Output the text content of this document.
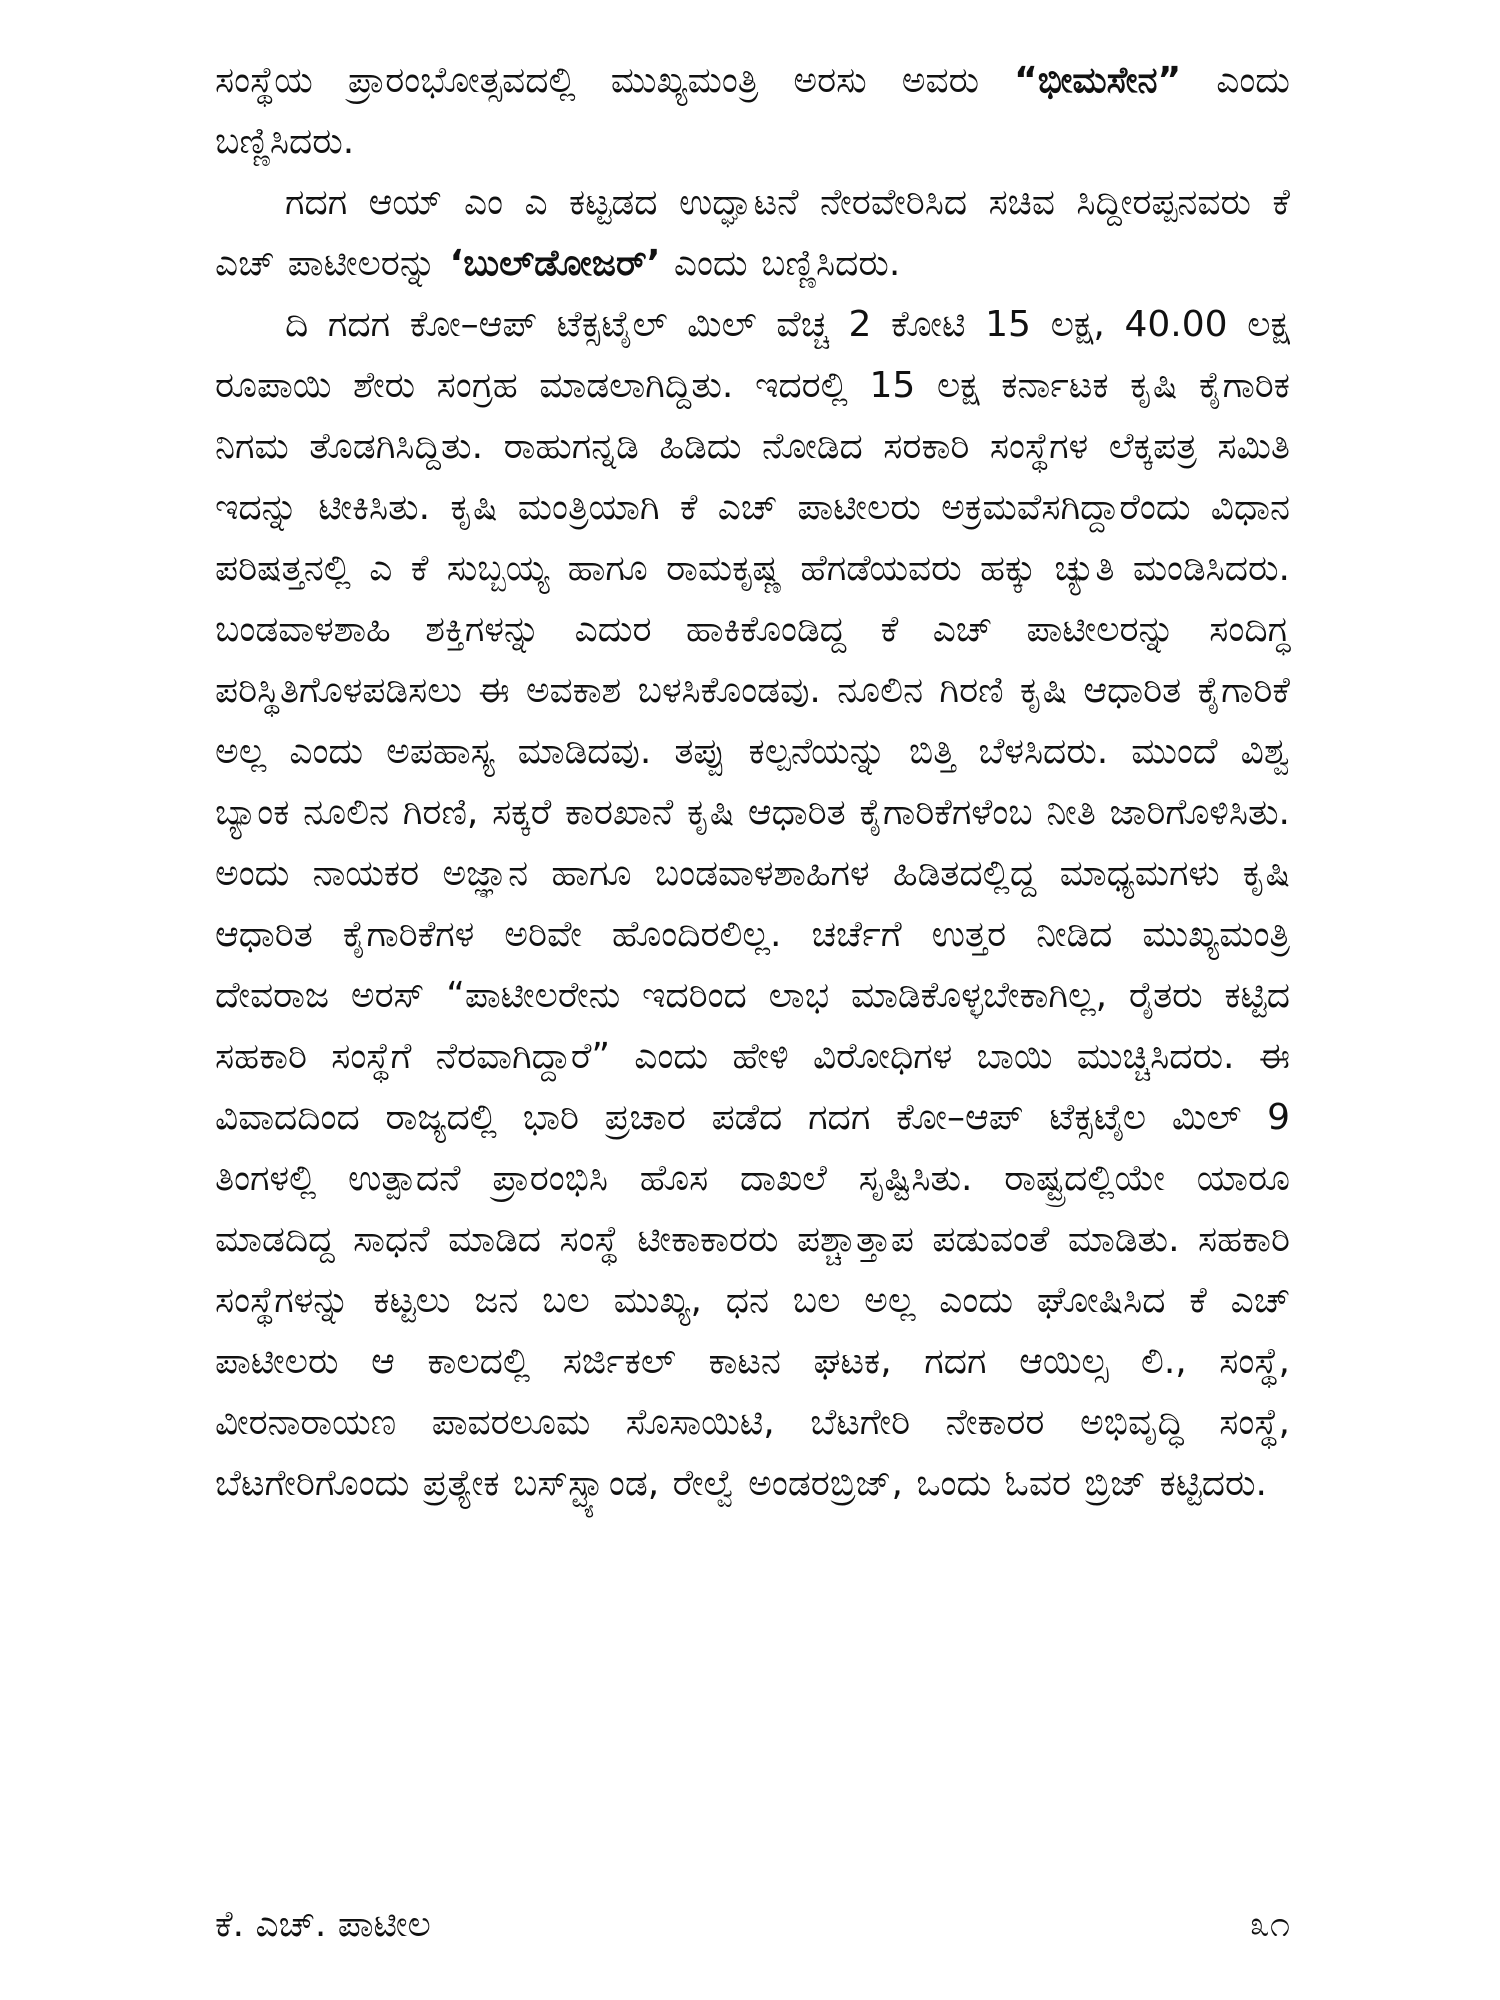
ಸಂಸ್ಥೆಯ ಪ್ರಾರಂಭೋತ್ಸವದಲ್ಲಿ ಮುಖ್ಯಮಂತ್ರಿ ಅರಸು ಅವರು “ಭೀಮಸೇನ” ಎಂದು ಬಣ್ಣಿಸಿದರು.

ಗದಗ ಆಯ್ ಎಂ ಎ ಕಟ್ಟಡದ ಉದ್ಘಾಟನೆ ನೇರವೇರಿಸಿದ ಸಚಿವ ಸಿದ್ದೀರಪ್ಪನವರು ಕೆ ಎಚ್ ಪಾಟೀಲರನ್ನು ‘ಬುಲ್‌ಡೋಜರ್’ ಎಂದು ಬಣ್ಣಿಸಿದರು.

ದಿ ಗದಗ ಕೋ–ಆಪ್ ಟೆಕ್ಸಟೈಲ್ ಮಿಲ್ ವೆಚ್ಚ 2 ಕೋಟಿ 15 ಲಕ್ಷ, 40.00 ಲಕ್ಷ ರೂಪಾಯಿ ಶೇರು ಸಂಗ್ರಹ ಮಾಡಲಾಗಿದ್ದಿತು. ಇದರಲ್ಲಿ 15 ಲಕ್ಷ ಕರ್ನಾಟಕ ಕೃಷಿ ಕೈಗಾರಿಕ ನಿಗಮ ತೊಡಗಿಸಿದ್ದಿತು. ರಾಹುಗನ್ನಡಿ ಹಿಡಿದು ನೋಡಿದ ಸರಕಾರಿ ಸಂಸ್ಥೆಗಳ ಲೆಕ್ಕಪತ್ರ ಸಮಿತಿ ಇದನ್ನು ಟೀಕಿಸಿತು. ಕೃಷಿ ಮಂತ್ರಿಯಾಗಿ ಕೆ ಎಚ್ ಪಾಟೀಲರು ಅಕ್ರಮವೆಸಗಿದ್ದಾರೆಂದು ವಿಧಾನ ಪರಿಷತ್ತನಲ್ಲಿ ಎ ಕೆ ಸುಬ್ಬಯ್ಯ ಹಾಗೂ ರಾಮಕೃಷ್ಣ ಹೆಗಡೆಯವರು ಹಕ್ಕು ಚ್ಯುತಿ ಮಂಡಿಸಿದರು. ಬಂಡವಾಳಶಾಹಿ ಶಕ್ತಿಗಳನ್ನು ಎದುರ ಹಾಕಿಕೊಂಡಿದ್ದ ಕೆ ಎಚ್ ಪಾಟೀಲರನ್ನು ಸಂದಿಗ್ಧ ಪರಿಸ್ಥಿತಿಗೊಳಪಡಿಸಲು ಈ ಅವಕಾಶ ಬಳಸಿಕೊಂಡವು. ನೂಲಿನ ಗಿರಣಿ ಕೃಷಿ ಆಧಾರಿತ ಕೈಗಾರಿಕೆ ಅಲ್ಲ ಎಂದು ಅಪಹಾಸ್ಯ ಮಾಡಿದವು. ತಪ್ಪು ಕಲ್ಪನೆಯನ್ನು ಬಿತ್ತಿ ಬೆಳಸಿದರು. ಮುಂದೆ ವಿಶ್ವ ಬ್ಯಾಂಕ ನೂಲಿನ ಗಿರಣಿ, ಸಕ್ಕರೆ ಕಾರಖಾನೆ ಕೃಷಿ ಆಧಾರಿತ ಕೈಗಾರಿಕೆಗಳೆಂಬ ನೀತಿ ಜಾರಿಗೊಳಿಸಿತು. ಅಂದು ನಾಯಕರ ಅಜ್ಞಾನ ಹಾಗೂ ಬಂಡವಾಳಶಾಹಿಗಳ ಹಿಡಿತದಲ್ಲಿದ್ದ ಮಾಧ್ಯಮಗಳು ಕೃಷಿ ಆಧಾರಿತ ಕೈಗಾರಿಕೆಗಳ ಅರಿವೇ ಹೊಂದಿರಲಿಲ್ಲ. ಚರ್ಚೆಗೆ ಉತ್ತರ ನೀಡಿದ ಮುಖ್ಯಮಂತ್ರಿ ದೇವರಾಜ ಅರಸ್ “ಪಾಟೀಲರೇನು ಇದರಿಂದ ಲಾಭ ಮಾಡಿಕೊಳ್ಳಬೇಕಾಗಿಲ್ಲ, ರೈತರು ಕಟ್ಟಿದ ಸಹಕಾರಿ ಸಂಸ್ಥೆಗೆ ನೆರವಾಗಿದ್ದಾರೆ” ಎಂದು ಹೇಳಿ ವಿರೋಧಿಗಳ ಬಾಯಿ ಮುಚ್ಚಿಸಿದರು. ಈ ವಿವಾದದಿಂದ ರಾಜ್ಯದಲ್ಲಿ ಭಾರಿ ಪ್ರಚಾರ ಪಡೆದ ಗದಗ ಕೋ–ಆಪ್ ಟೆಕ್ಸಟೈಲ ಮಿಲ್ 9 ತಿಂಗಳಲ್ಲಿ ಉತ್ಪಾದನೆ ಪ್ರಾರಂಭಿಸಿ ಹೊಸ ದಾಖಲೆ ಸೃಷ್ಟಿಸಿತು. ರಾಷ್ಟ್ರದಲ್ಲಿಯೇ ಯಾರೂ ಮಾಡದಿದ್ದ ಸಾಧನೆ ಮಾಡಿದ ಸಂಸ್ಥೆ ಟೀಕಾಕಾರರು ಪಶ್ಚಾತ್ತಾಪ ಪಡುವಂತೆ ಮಾಡಿತು. ಸಹಕಾರಿ ಸಂಸ್ಥೆಗಳನ್ನು ಕಟ್ಟಲು ಜನ ಬಲ ಮುಖ್ಯ, ಧನ ಬಲ ಅಲ್ಲ ಎಂದು ಘೋಷಿಸಿದ ಕೆ ಎಚ್ ಪಾಟೀಲರು ಆ ಕಾಲದಲ್ಲಿ ಸರ್ಜಿಕಲ್ ಕಾಟನ ಘಟಕ, ಗದಗ ಆಯಿಲ್ಸ ಲಿ., ಸಂಸ್ಥೆ, ವೀರನಾರಾಯಣ ಪಾವರಲೂಮ ಸೊಸಾಯಿಟಿ, ಬೆಟಗೇರಿ ನೇಕಾರರ ಅಭಿವೃದ್ಧಿ ಸಂಸ್ಥೆ, ಬೆಟಗೇರಿಗೊಂದು ಪ್ರತ್ಯೇಕ ಬಸ್‌ಸ್ಟ್ಯಾಂಡ, ರೇಲ್ವೆ ಅಂಡರಬ್ರಿಜ್, ಒಂದು ಓವರ ಬ್ರಿಜ್ ಕಟ್ಟಿದರು.

ಕೆ. ಎಚ್. ಪಾಟೀಲ	೩೧
